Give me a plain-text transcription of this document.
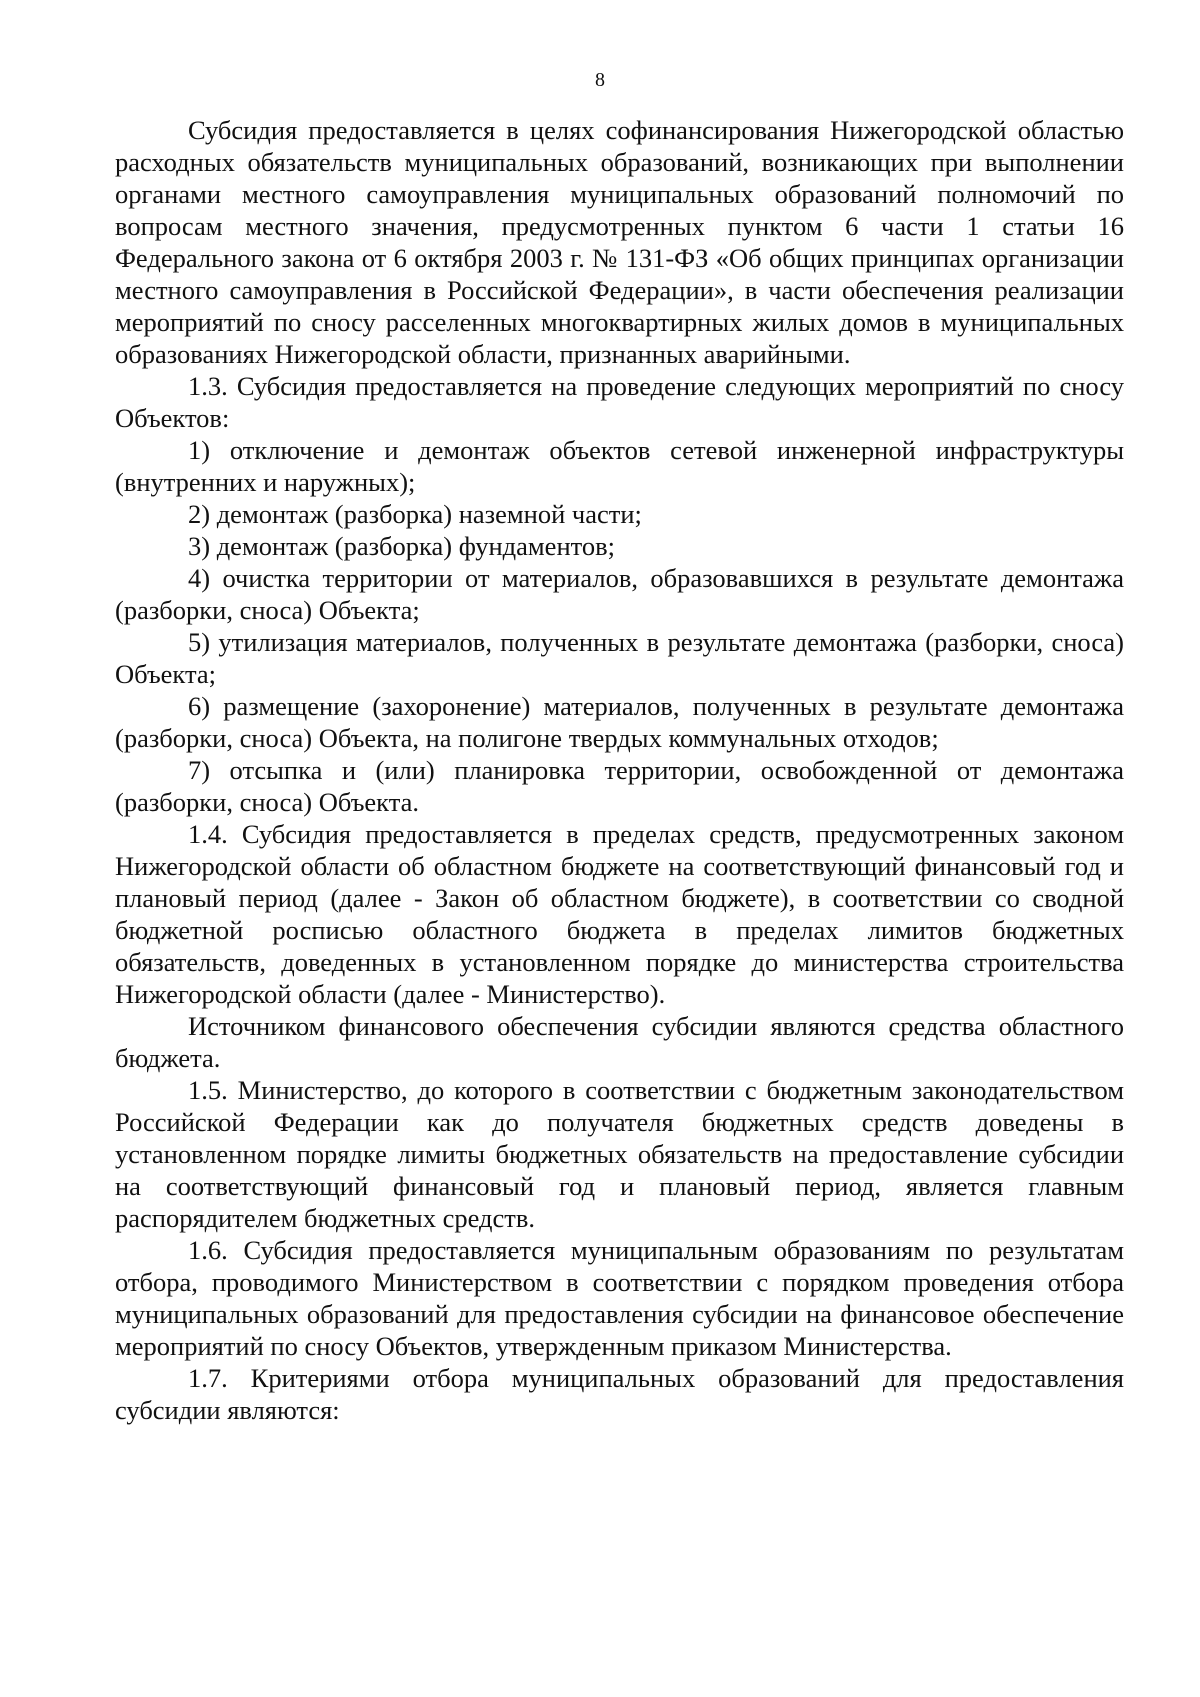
8

Субсидия предоставляется в целях софинансирования Нижегородской областью расходных обязательств муниципальных образований, возникающих при выполнении органами местного самоуправления муниципальных образований полномочий по вопросам местного значения, предусмотренных пунктом 6 части 1 статьи 16 Федерального закона от 6 октября 2003 г. № 131-ФЗ «Об общих принципах организации местного самоуправления в Российской Федерации», в части обеспечения реализации мероприятий по сносу расселенных многоквартирных жилых домов в муниципальных образованиях Нижегородской области, признанных аварийными.

1.3. Субсидия предоставляется на проведение следующих мероприятий по сносу Объектов:

1) отключение и демонтаж объектов сетевой инженерной инфраструктуры (внутренних и наружных);

2) демонтаж (разборка) наземной части;

3) демонтаж (разборка) фундаментов;

4) очистка территории от материалов, образовавшихся в результате демонтажа (разборки, сноса) Объекта;

5) утилизация материалов, полученных в результате демонтажа (разборки, сноса) Объекта;

6) размещение (захоронение) материалов, полученных в результате демонтажа (разборки, сноса) Объекта, на полигоне твердых коммунальных отходов;

7) отсыпка и (или) планировка территории, освобожденной от демонтажа (разборки, сноса) Объекта.

1.4. Субсидия предоставляется в пределах средств, предусмотренных законом Нижегородской области об областном бюджете на соответствующий финансовый год и плановый период (далее - Закон об областном бюджете), в соответствии со сводной бюджетной росписью областного бюджета в пределах лимитов бюджетных обязательств, доведенных в установленном порядке до министерства строительства Нижегородской области (далее - Министерство).

Источником финансового обеспечения субсидии являются средства областного бюджета.

1.5. Министерство, до которого в соответствии с бюджетным законодательством Российской Федерации как до получателя бюджетных средств доведены в установленном порядке лимиты бюджетных обязательств на предоставление субсидии на соответствующий финансовый год и плановый период, является главным распорядителем бюджетных средств.

1.6. Субсидия предоставляется муниципальным образованиям по результатам отбора, проводимого Министерством в соответствии с порядком проведения отбора муниципальных образований для предоставления субсидии на финансовое обеспечение мероприятий по сносу Объектов, утвержденным приказом Министерства.

1.7. Критериями отбора муниципальных образований для предоставления субсидии являются:
